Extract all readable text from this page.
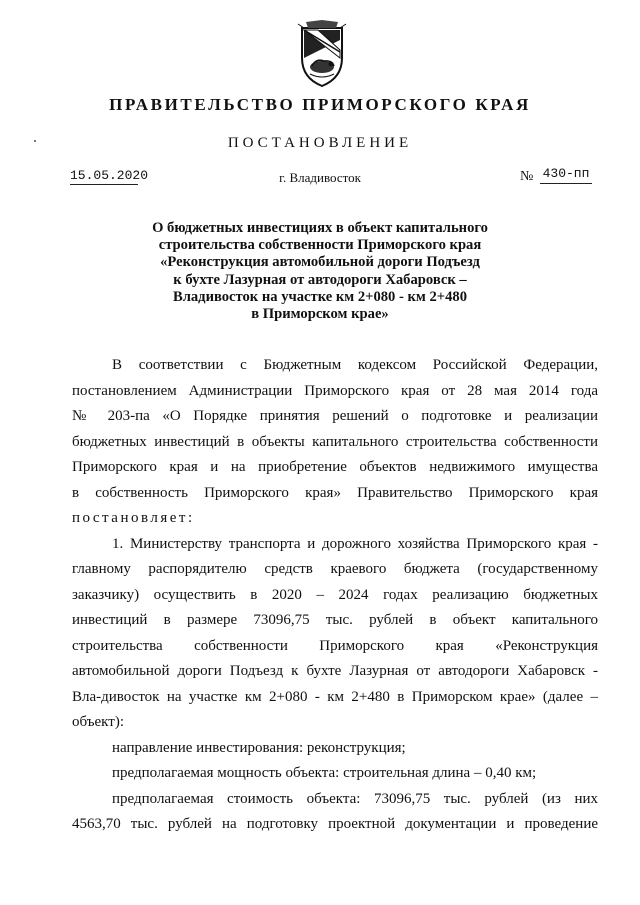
ПРАВИТЕЛЬСТВО ПРИМОРСКОГО КРАЯ
ПОСТАНОВЛЕНИЕ
15.05.2020	г. Владивосток	№ 430-пп
О бюджетных инвестициях в объект капитального
строительства собственности Приморского края
«Реконструкция автомобильной дороги Подъезд
к бухте Лазурная от автодороги Хабаровск –
Владивосток на участке км 2+080 - км 2+480
в Приморском крае»
В соответствии с Бюджетным кодексом Российской Федерации,
постановлением Администрации Приморского края от 28 мая 2014 года
№ 203-па «О Порядке принятия решений о подготовке и реализации
бюджетных инвестиций в объекты капитального строительства собственности
Приморского края и на приобретение объектов недвижимого имущества
в собственность Приморского края» Правительство Приморского края
постановляет:
1. Министерству транспорта и дорожного хозяйства Приморского края -
главному распорядителю средств краевого бюджета (государственному
заказчику) осуществить в 2020 – 2024 годах реализацию бюджетных
инвестиций в размере 73096,75 тыс. рублей в объект капитального
строительства собственности Приморского края «Реконструкция
автомобильной дороги Подъезд к бухте Лазурная от автодороги Хабаровск -
Вла-дивосток на участке км 2+080 - км 2+480 в Приморском крае» (далее –
объект):
направление инвестирования: реконструкция;
предполагаемая мощность объекта: строительная длина – 0,40 км;
предполагаемая стоимость объекта: 73096,75 тыс. рублей (из них
4563,70 тыс. рублей на подготовку проектной документации и проведение
